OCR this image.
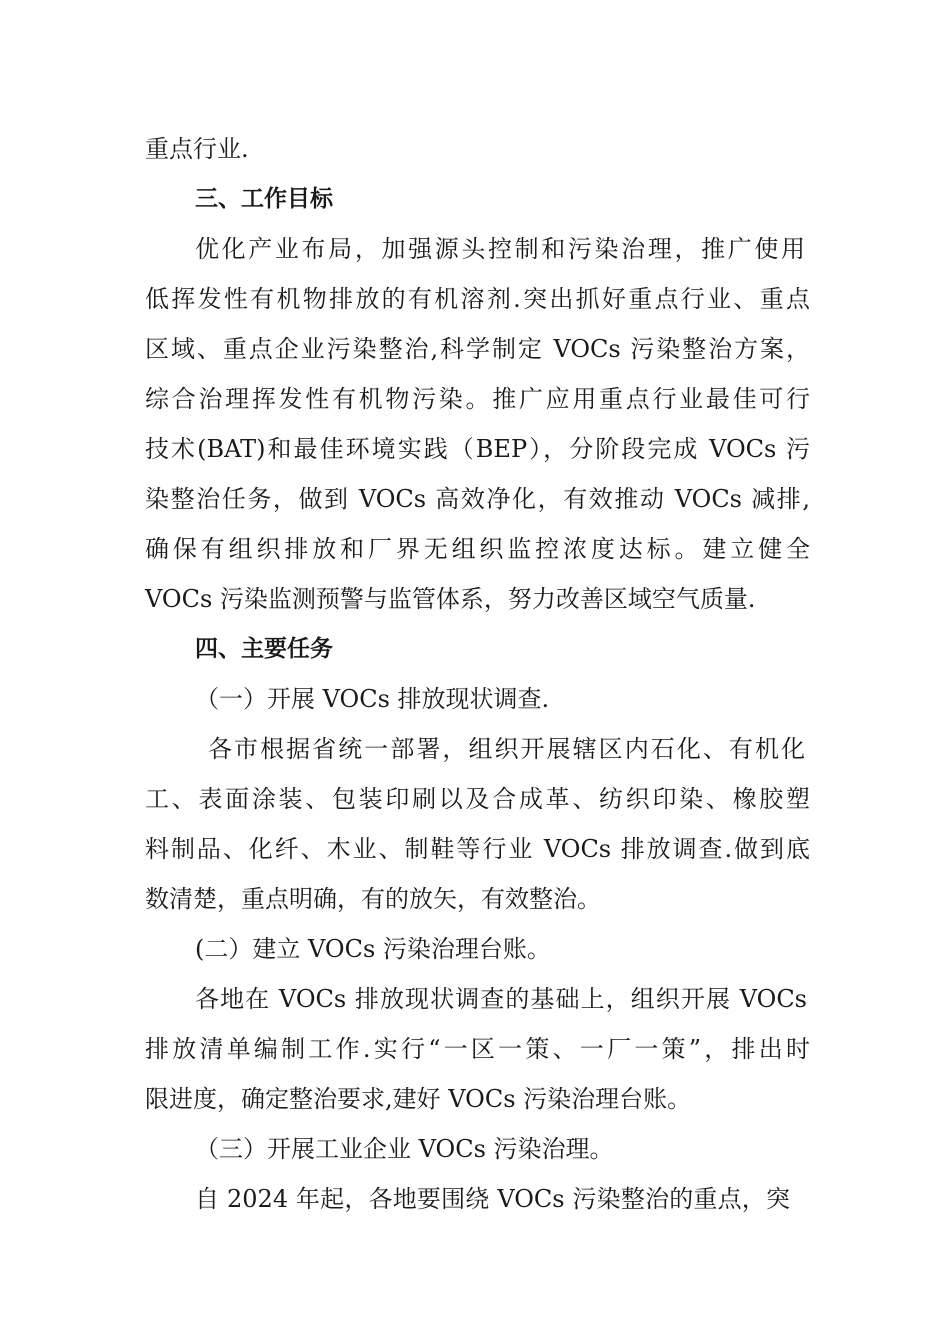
重点行业.
三、工作目标
优化产业布局，加强源头控制和污染治理，推广使用
低挥发性有机物排放的有机溶剂.突出抓好重点行业、重点
区域、重点企业污染整治,科学制定 VOCs 污染整治方案，
综合治理挥发性有机物污染。推广应用重点行业最佳可行
技术(BAT)和最佳环境实践（BEP），分阶段完成 VOCs 污
染整治任务，做到 VOCs 高效净化，有效推动 VOCs 减排,
确保有组织排放和厂界无组织监控浓度达标。建立健全
VOCs 污染监测预警与监管体系，努力改善区域空气质量.
四、主要任务
（一）开展 VOCs 排放现状调查.
各市根据省统一部署，组织开展辖区内石化、有机化
工、表面涂装、包装印刷以及合成革、纺织印染、橡胶塑
料制品、化纤、木业、制鞋等行业 VOCs 排放调查.做到底
数清楚，重点明确，有的放矢，有效整治。
(二）建立 VOCs 污染治理台账。
各地在 VOCs 排放现状调查的基础上，组织开展 VOCs
排放清单编制工作.实行“一区一策、一厂一策”，排出时
限进度，确定整治要求,建好 VOCs 污染治理台账。
（三）开展工业企业 VOCs 污染治理。
自 2024 年起，各地要围绕 VOCs 污染整治的重点，突
